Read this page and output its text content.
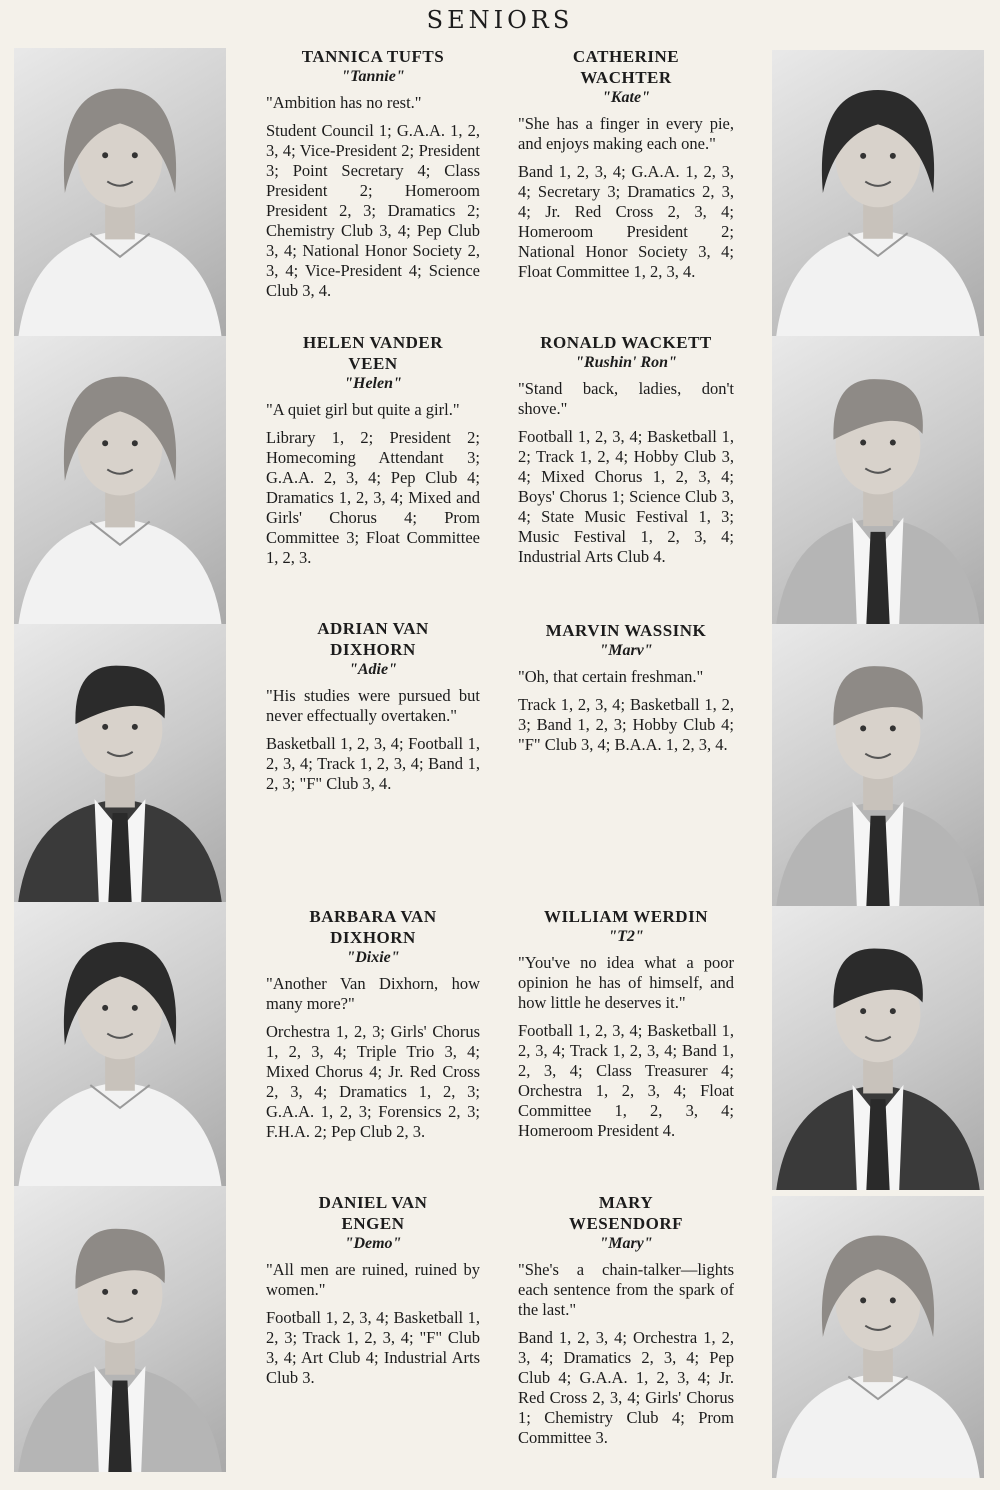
SENIORS
TANNICA TUFTS
"Tannie"
"Ambition has no rest."
Student Council 1; G.A.A. 1, 2, 3, 4; Vice-President 2; President 3; Point Secretary 4; Class President 2; Homeroom President 2, 3; Dramatics 2; Chemistry Club 3, 4; Pep Club 3, 4; National Honor Society 2, 3, 4; Vice-President 4; Science Club 3, 4.
HELEN VANDER VEEN
"Helen"
"A quiet girl but quite a girl."
Library 1, 2; President 2; Homecoming Attendant 3; G.A.A. 2, 3, 4; Pep Club 4; Dramatics 1, 2, 3, 4; Mixed and Girls' Chorus 4; Prom Committee 3; Float Committee 1, 2, 3.
ADRIAN VAN DIXHORN
"Adie"
"His studies were pursued but never effectually overtaken."
Basketball 1, 2, 3, 4; Football 1, 2, 3, 4; Track 1, 2, 3, 4; Band 1, 2, 3; "F" Club 3, 4.
BARBARA VAN DIXHORN
"Dixie"
"Another Van Dixhorn, how many more?"
Orchestra 1, 2, 3; Girls' Chorus 1, 2, 3, 4; Triple Trio 3, 4; Mixed Chorus 4; Jr. Red Cross 2, 3, 4; Dramatics 1, 2, 3; G.A.A. 1, 2, 3; Forensics 2, 3; F.H.A. 2; Pep Club 2, 3.
DANIEL VAN ENGEN
"Demo"
"All men are ruined, ruined by women."
Football 1, 2, 3, 4; Basketball 1, 2, 3; Track 1, 2, 3, 4; "F" Club 3, 4; Art Club 4; Industrial Arts Club 3.
CATHERINE WACHTER
"Kate"
"She has a finger in every pie, and enjoys making each one."
Band 1, 2, 3, 4; G.A.A. 1, 2, 3, 4; Secretary 3; Dramatics 2, 3, 4; Jr. Red Cross 2, 3, 4; Homeroom President 2; National Honor Society 3, 4; Float Committee 1, 2, 3, 4.
RONALD WACKETT
"Rushin' Ron"
"Stand back, ladies, don't shove."
Football 1, 2, 3, 4; Basketball 1, 2; Track 1, 2, 4; Hobby Club 3, 4; Mixed Chorus 1, 2, 3, 4; Boys' Chorus 1; Science Club 3, 4; State Music Festival 1, 3; Music Festival 1, 2, 3, 4; Industrial Arts Club 4.
MARVIN WASSINK
"Marv"
"Oh, that certain freshman."
Track 1, 2, 3, 4; Basketball 1, 2, 3; Band 1, 2, 3; Hobby Club 4; "F" Club 3, 4; B.A.A. 1, 2, 3, 4.
WILLIAM WERDIN
"T2"
"You've no idea what a poor opinion he has of himself, and how little he deserves it."
Football 1, 2, 3, 4; Basketball 1, 2, 3, 4; Track 1, 2, 3, 4; Band 1, 2, 3, 4; Class Treasurer 4; Orchestra 1, 2, 3, 4; Float Committee 1, 2, 3, 4; Homeroom President 4.
MARY WESENDORF
"Mary"
"She's a chain-talker—lights each sentence from the spark of the last."
Band 1, 2, 3, 4; Orchestra 1, 2, 3, 4; Dramatics 2, 3, 4; Pep Club 4; G.A.A. 1, 2, 3, 4; Jr. Red Cross 2, 3, 4; Girls' Chorus 1; Chemistry Club 4; Prom Committee 3.
